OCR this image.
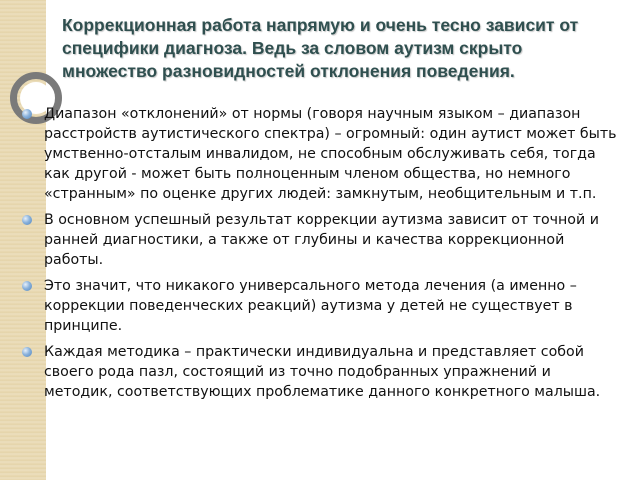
Коррекционная работа напрямую и очень тесно зависит от специфики диагноза. Ведь за словом аутизм скрыто множество разновидностей отклонения поведения.
Диапазон «отклонений» от нормы (говоря научным языком – диапазон расстройств аутистического спектра) – огромный: один аутист может быть умственно-отсталым инвалидом, не способным обслуживать себя, тогда как другой - может быть полноценным членом общества, но немного «странным» по оценке других людей: замкнутым, необщительным и т.п.
В основном успешный результат коррекции аутизма зависит от точной и ранней диагностики, а также от глубины и качества коррекционной работы.
Это значит, что никакого универсального метода лечения (а именно – коррекции поведенческих реакций) аутизма у детей не существует в принципе.
Каждая методика – практически индивидуальна и представляет собой своего рода пазл, состоящий из точно подобранных упражнений и методик, соответствующих проблематике данного конкретного малыша.
